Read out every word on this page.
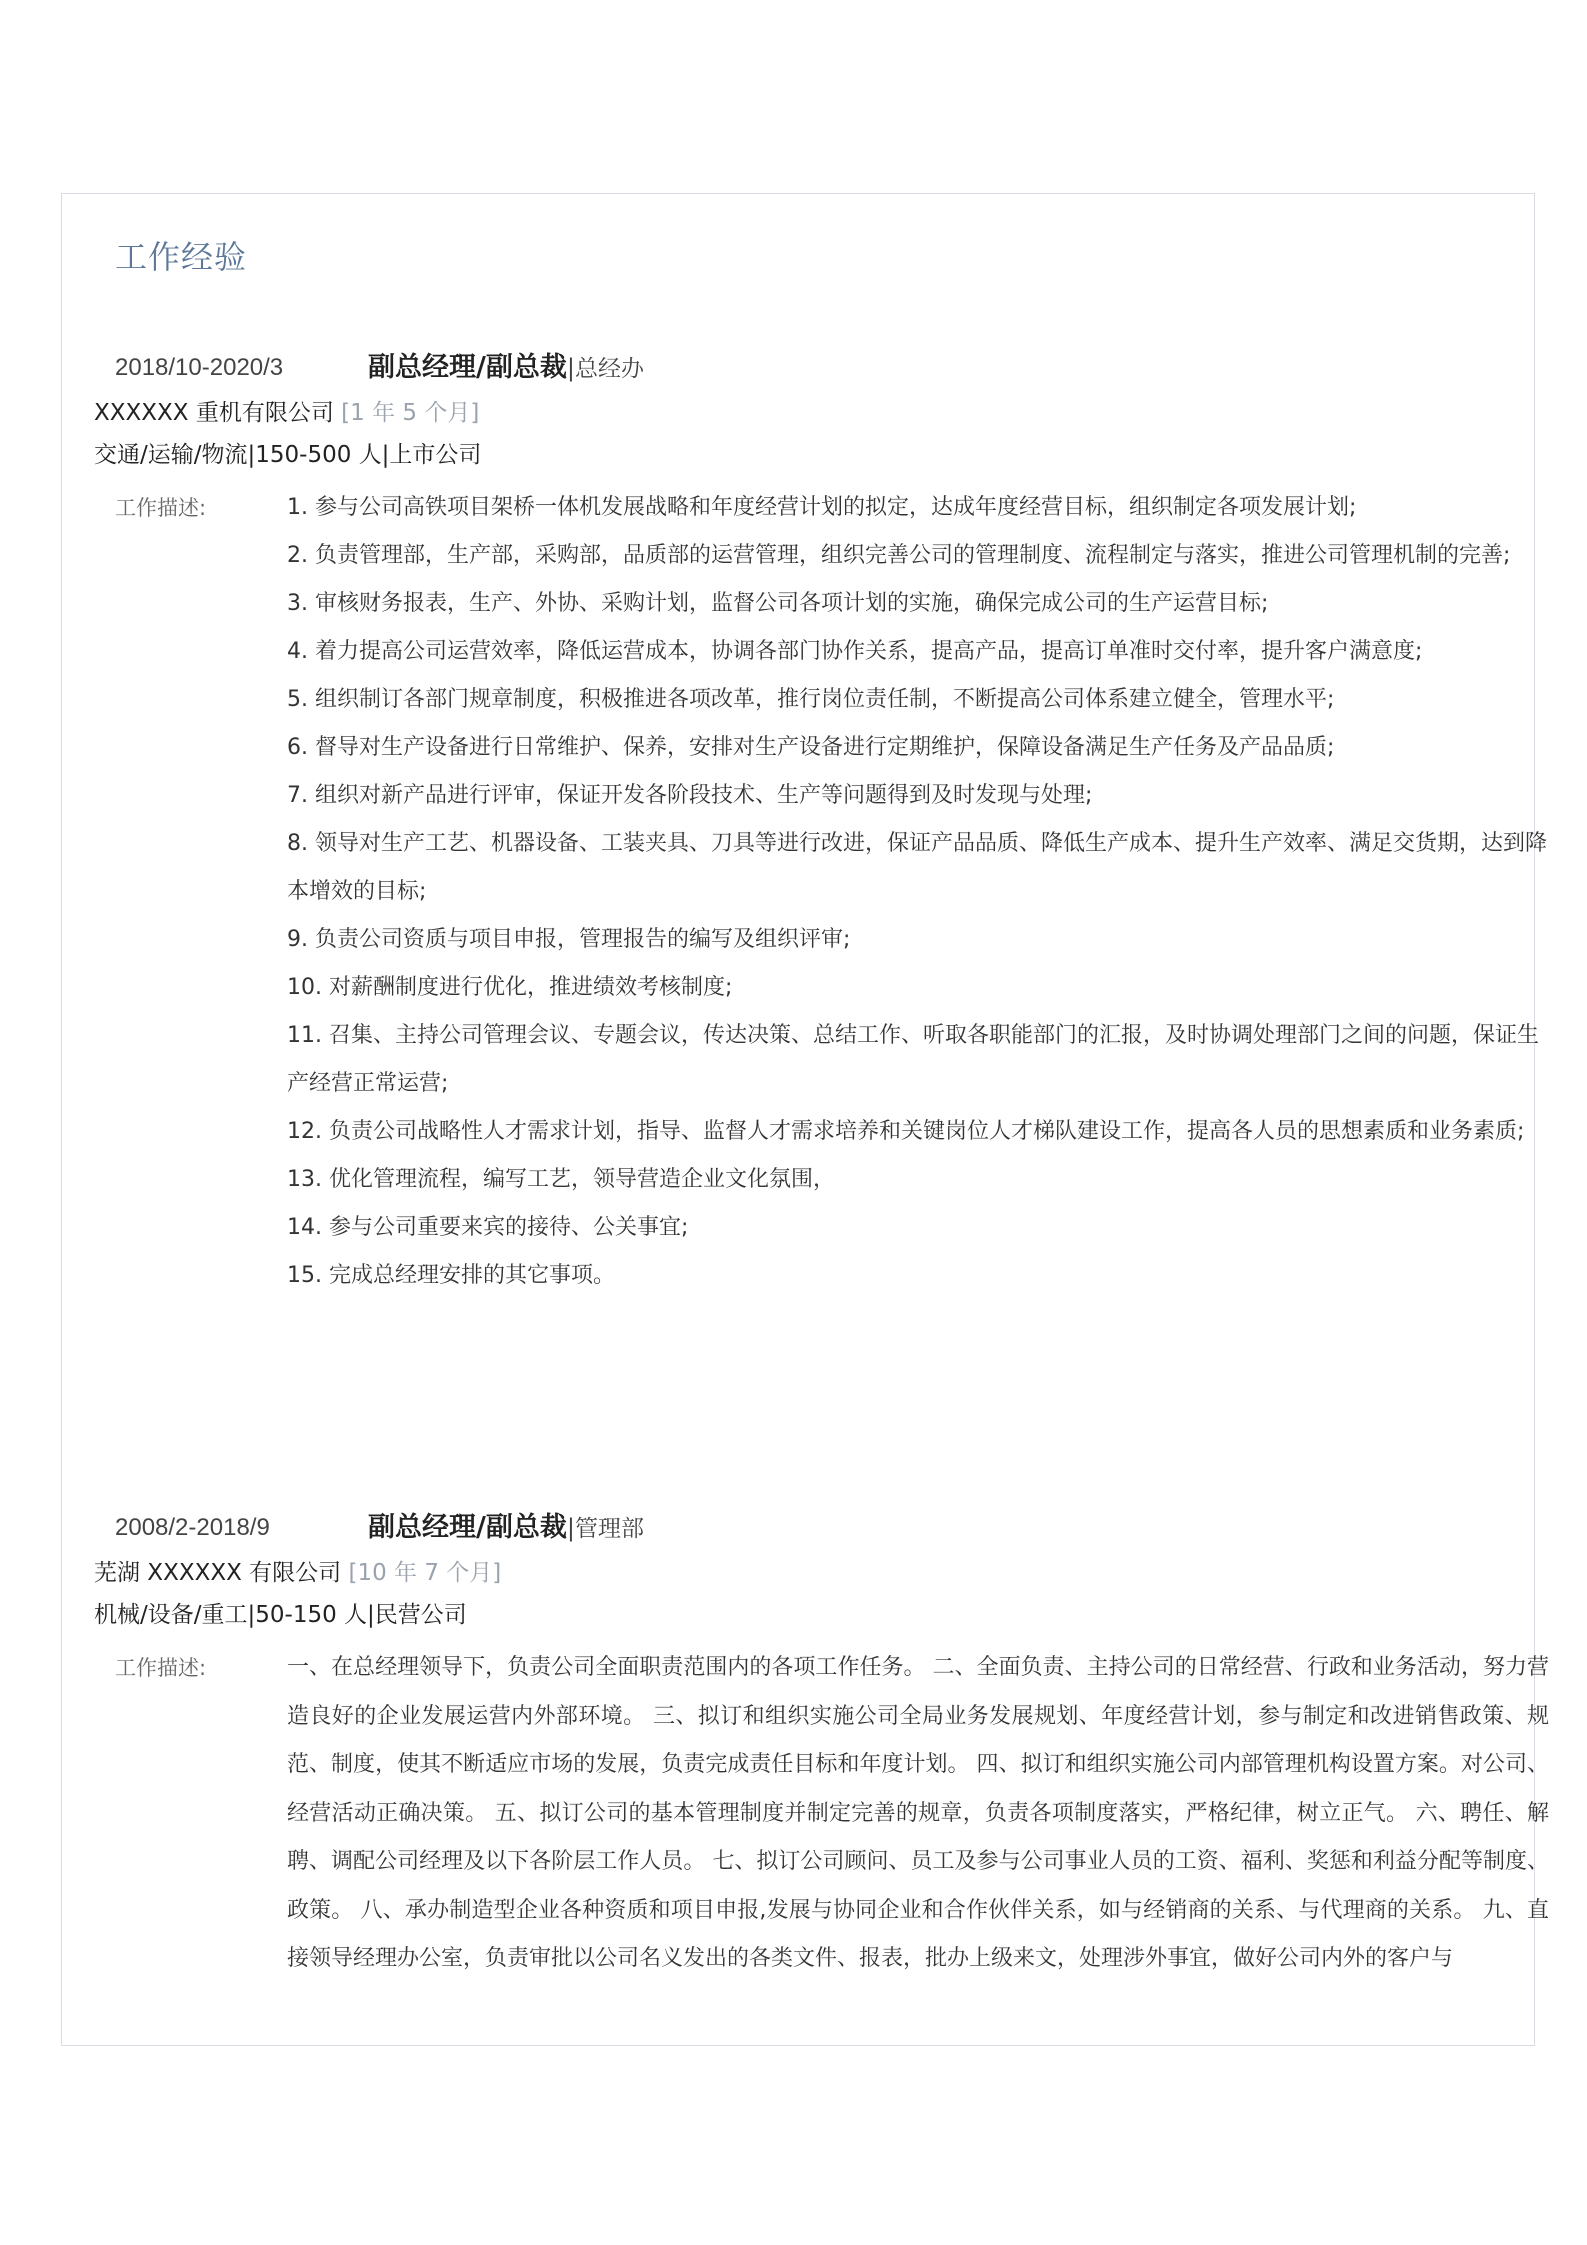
工作经验
2018/10-2020/3	副总经理/副总裁|总经办
XXXXXX 重机有限公司 [1 年 5 个月]
交通/运输/物流|150-500 人|上市公司
工作描述:	1. 参与公司高铁项目架桥一体机发展战略和年度经营计划的拟定，达成年度经营目标，组织制定各项发展计划;
2. 负责管理部，生产部，采购部，品质部的运营管理，组织完善公司的管理制度、流程制定与落实，推进公司管理机制的完善;
3. 审核财务报表，生产、外协、采购计划，监督公司各项计划的实施，确保完成公司的生产运营目标;
4. 着力提高公司运营效率，降低运营成本，协调各部门协作关系，提高产品，提高订单准时交付率，提升客户满意度;
5. 组织制订各部门规章制度，积极推进各项改革，推行岗位责任制，不断提高公司体系建立健全，管理水平;
6. 督导对生产设备进行日常维护、保养，安排对生产设备进行定期维护，保障设备满足生产任务及产品品质;
7. 组织对新产品进行评审，保证开发各阶段技术、生产等问题得到及时发现与处理;
8. 领导对生产工艺、机器设备、工装夹具、刀具等进行改进，保证产品品质、降低生产成本、提升生产效率、满足交货期，达到降本增效的目标;
9. 负责公司资质与项目申报，管理报告的编写及组织评审;
10. 对薪酬制度进行优化，推进绩效考核制度;
11. 召集、主持公司管理会议、专题会议，传达决策、总结工作、听取各职能部门的汇报，及时协调处理部门之间的问题，保证生产经营正常运营;
12. 负责公司战略性人才需求计划，指导、监督人才需求培养和关键岗位人才梯队建设工作，提高各人员的思想素质和业务素质;
13. 优化管理流程，编写工艺，领导营造企业文化氛围，
14. 参与公司重要来宾的接待、公关事宜;
15. 完成总经理安排的其它事项。
2008/2-2018/9	副总经理/副总裁|管理部
芜湖 XXXXXX 有限公司 [10 年 7 个月]
机械/设备/重工|50-150 人|民营公司
工作描述:	一、在总经理领导下，负责公司全面职责范围内的各项工作任务。 二、全面负责、主持公司的日常经营、行政和业务活动，努力营造良好的企业发展运营内外部环境。 三、拟订和组织实施公司全局业务发展规划、年度经营计划，参与制定和改进销售政策、规范、制度，使其不断适应市场的发展，负责完成责任目标和年度计划。 四、拟订和组织实施公司内部管理机构设置方案。对公司、经营活动正确决策。 五、拟订公司的基本管理制度并制定完善的规章，负责各项制度落实，严格纪律，树立正气。 六、聘任、解聘、调配公司经理及以下各阶层工作人员。 七、拟订公司顾问、员工及参与公司事业人员的工资、福利、奖惩和利益分配等制度、政策。 八、承办制造型企业各种资质和项目申报,发展与协同企业和合作伙伴关系，如与经销商的关系、与代理商的关系。 九、直接领导经理办公室，负责审批以公司名义发出的各类文件、报表，批办上级来文，处理涉外事宜，做好公司内外的客户与
